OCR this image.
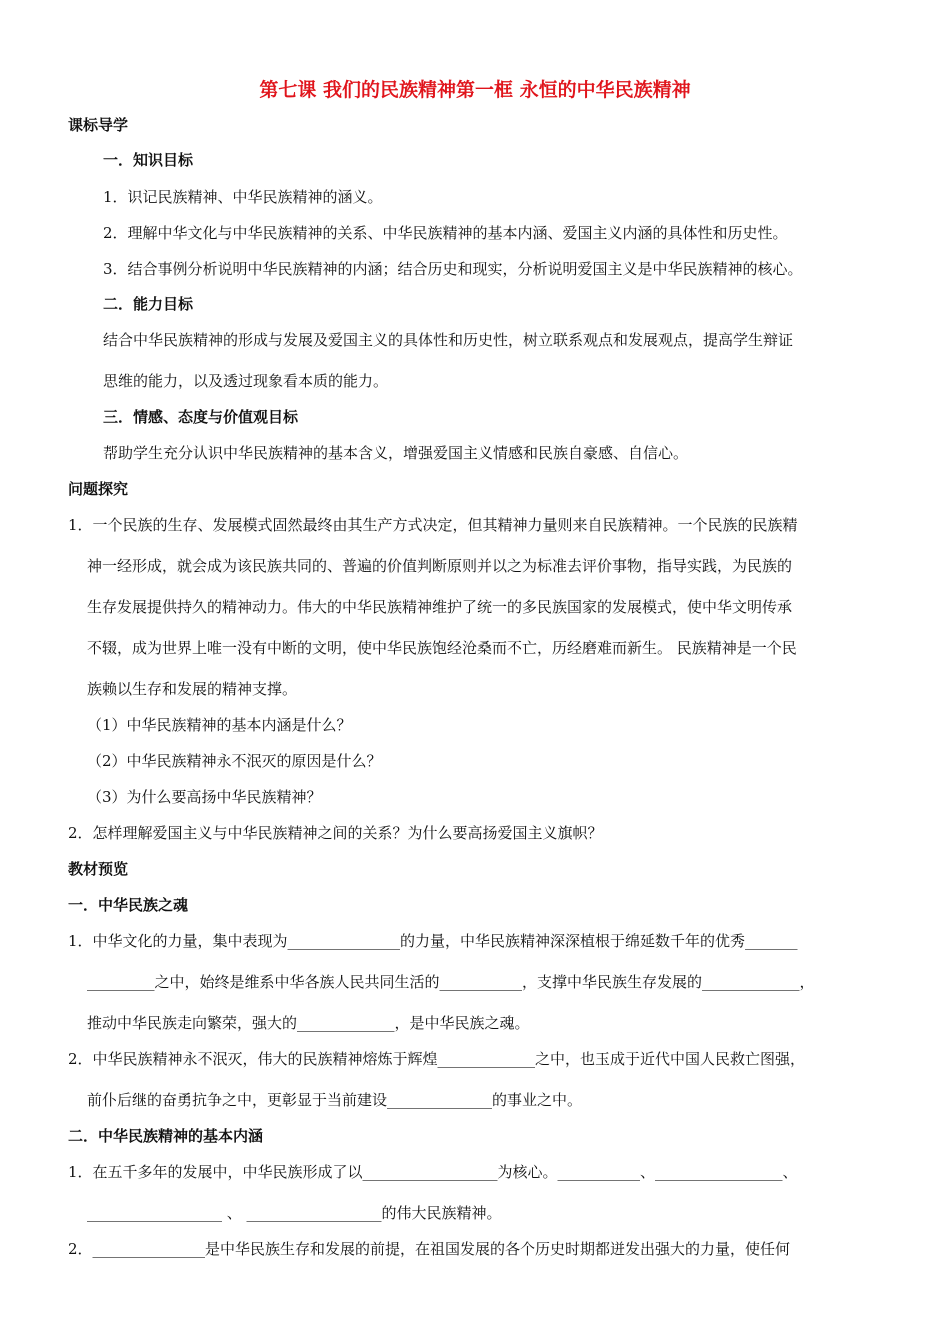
第七课 我们的民族精神第一框 永恒的中华民族精神
课标导学
一．知识目标
1．识记民族精神、中华民族精神的涵义。
2．理解中华文化与中华民族精神的关系、中华民族精神的基本内涵、爱国主义内涵的具体性和历史性。
3．结合事例分析说明中华民族精神的内涵；结合历史和现实，分析说明爱国主义是中华民族精神的核心。
二．能力目标
结合中华民族精神的形成与发展及爱国主义的具体性和历史性，树立联系观点和发展观点，提高学生辩证
思维的能力，以及透过现象看本质的能力。
三．情感、态度与价值观目标
帮助学生充分认识中华民族精神的基本含义，增强爱国主义情感和民族自豪感、自信心。
问题探究
1．一个民族的生存、发展模式固然最终由其生产方式决定，但其精神力量则来自民族精神。一个民族的民族精
神一经形成，就会成为该民族共同的、普遍的价值判断原则并以之为标准去评价事物，指导实践，为民族的
生存发展提供持久的精神动力。伟大的中华民族精神维护了统一的多民族国家的发展模式，使中华文明传承
不辍，成为世界上唯一没有中断的文明，使中华民族饱经沧桑而不亡，历经磨难而新生。 民族精神是一个民
族赖以生存和发展的精神支撑。
（1）中华民族精神的基本内涵是什么？
（2）中华民族精神永不泯灭的原因是什么？
（3）为什么要高扬中华民族精神？
2．怎样理解爱国主义与中华民族精神之间的关系？为什么要高扬爱国主义旗帜？
教材预览
一．中华民族之魂
1．中华文化的力量，集中表现为_______________的力量，中华民族精神深深植根于绵延数千年的优秀_______
_________之中，始终是维系中华各族人民共同生活的___________，支撑中华民族生存发展的_____________，
推动中华民族走向繁荣，强大的_____________，是中华民族之魂。
2．中华民族精神永不泯灭，伟大的民族精神熔炼于辉煌_____________之中，也玉成于近代中国人民救亡图强，
前仆后继的奋勇抗争之中，更彰显于当前建设______________的事业之中。
二．中华民族精神的基本内涵
1．在五千多年的发展中，中华民族形成了以__________________为核心。___________、_________________、
__________________ 、 __________________的伟大民族精神。
2．_______________是中华民族生存和发展的前提，在祖国发展的各个历史时期都迸发出强大的力量，使任何
